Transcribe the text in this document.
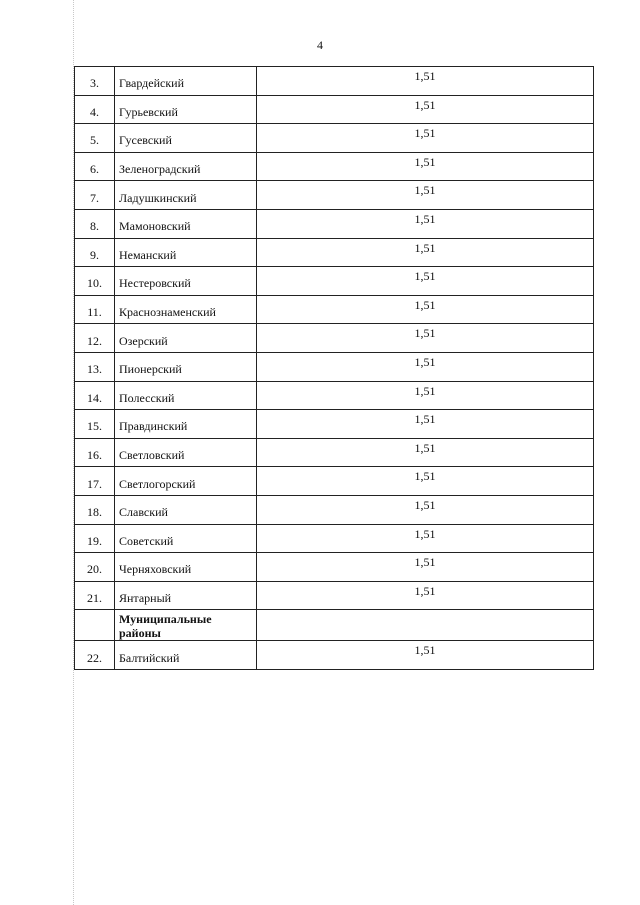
4
3.	Гвардейский	1,51
4.	Гурьевский	1,51
5.	Гусевский	1,51
6.	Зеленоградский	1,51
7.	Ладушкинский	1,51
8.	Мамоновский	1,51
9.	Неманский	1,51
10.	Нестеровский	1,51
11.	Краснознаменский	1,51
12.	Озерский	1,51
13.	Пионерский	1,51
14.	Полесский	1,51
15.	Правдинский	1,51
16.	Светловский	1,51
17.	Светлогорский	1,51
18.	Славский	1,51
19.	Советский	1,51
20.	Черняховский	1,51
21.	Янтарный	1,51
	Муниципальные районы	
22.	Балтийский	1,51
